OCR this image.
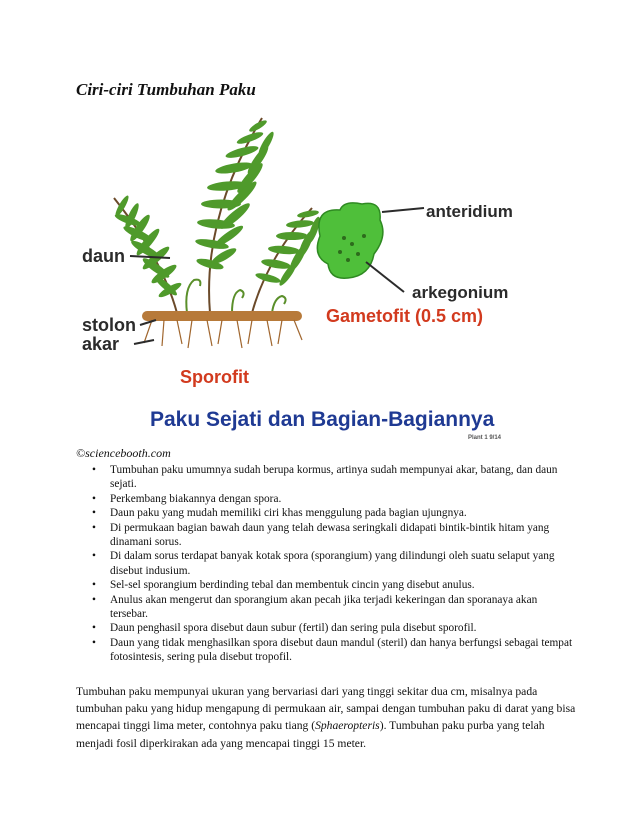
Ciri-ciri Tumbuhan Paku
daun
stolon
akar
Sporofit
anteridium
arkegonium
Gametofit (0.5 cm)
Paku Sejati dan Bagian-Bagiannya
Plant 1 9/14
©sciencebooth.com
• Tumbuhan paku umumnya sudah berupa kormus, artinya sudah mempunyai akar, batang, dan daun sejati.
• Perkembang biakannya dengan spora.
• Daun paku yang mudah memiliki ciri khas menggulung pada bagian ujungnya.
• Di permukaan bagian bawah daun yang telah dewasa seringkali didapati bintik-bintik hitam yang dinamani sorus.
• Di dalam sorus terdapat banyak kotak spora (sporangium) yang dilindungi oleh suatu selaput yang disebut indusium.
• Sel-sel sporangium berdinding tebal dan membentuk cincin yang disebut anulus.
• Anulus akan mengerut dan sporangium akan pecah jika terjadi kekeringan dan sporanaya akan tersebar.
• Daun penghasil spora disebut daun subur (fertil) dan sering pula disebut sporofil.
• Daun yang tidak menghasilkan spora disebut daun mandul (steril) dan hanya berfungsi sebagai tempat fotosintesis, sering pula disebut tropofil.

Tumbuhan paku mempunyai ukuran yang bervariasi dari yang tinggi sekitar dua cm, misalnya pada tumbuhan paku yang hidup mengapung di permukaan air, sampai dengan tumbuhan paku di darat yang bisa mencapai tinggi lima meter, contohnya paku tiang (Sphaeropteris). Tumbuhan paku purba yang telah menjadi fosil diperkirakan ada yang mencapai tinggi 15 meter.
